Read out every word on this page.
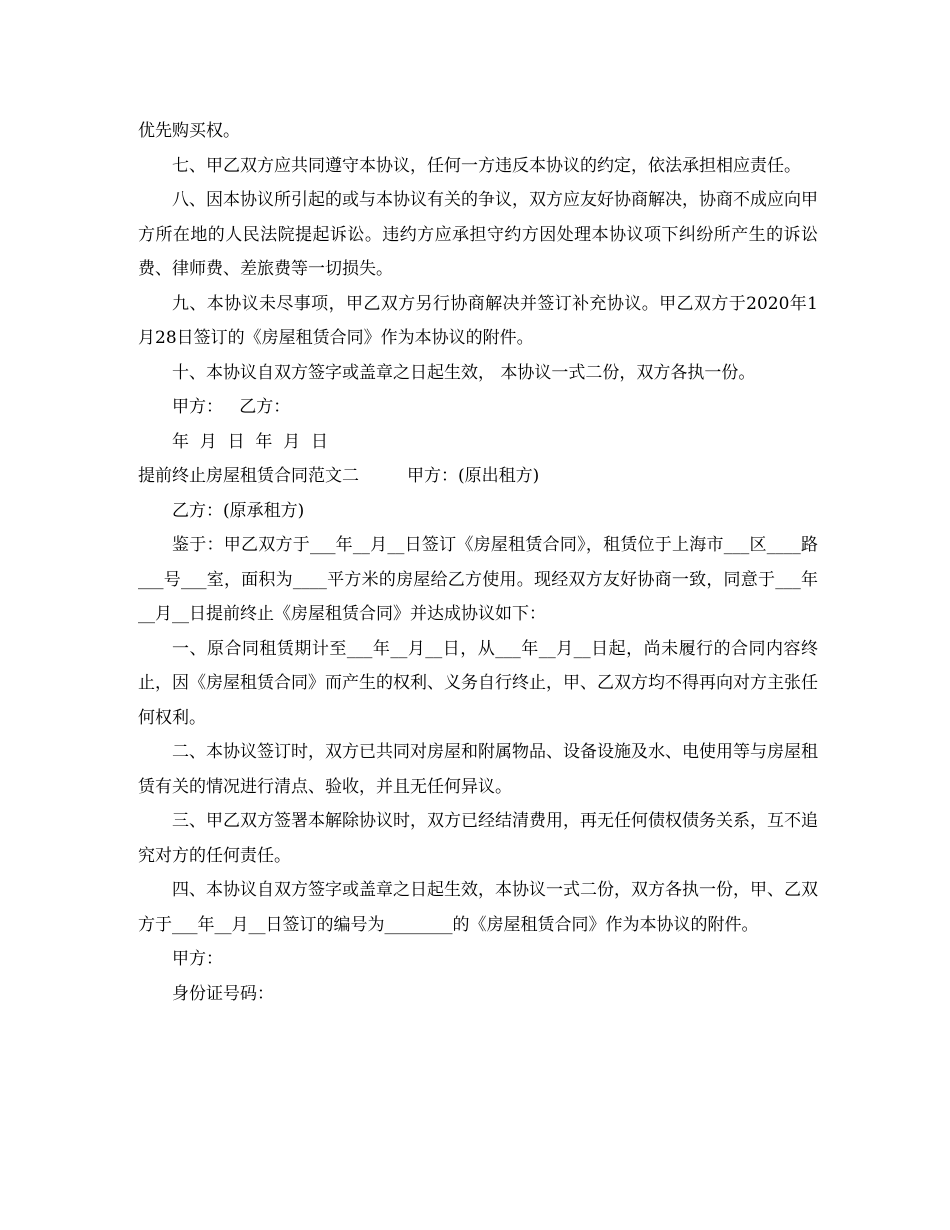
优先购买权。

七、甲乙双方应共同遵守本协议，任何一方违反本协议的约定，依法承担相应责任。

八、因本协议所引起的或与本协议有关的争议，双方应友好协商解决，协商不成应向甲方所在地的人民法院提起诉讼。违约方应承担守约方因处理本协议项下纠纷所产生的诉讼费、律师费、差旅费等一切损失。

九、本协议未尽事项，甲乙双方另行协商解决并签订补充协议。甲乙双方于2020年1月28日签订的《房屋租赁合同》作为本协议的附件。

十、本协议自双方签字或盖章之日起生效， 本协议一式二份，双方各执一份。

甲方：   乙方：

年  月  日  年  月  日

提前终止房屋租赁合同范文二	甲方：(原出租方)

乙方：(原承租方)

鉴于：甲乙双方于___年__月__日签订《房屋租赁合同》，租赁位于上海市___区____路___号___室，面积为____平方米的房屋给乙方使用。现经双方友好协商一致，同意于___年__月__日提前终止《房屋租赁合同》并达成协议如下：

一、原合同租赁期计至___年__月__日，从___年__月__日起，尚未履行的合同内容终止，因《房屋租赁合同》而产生的权利、义务自行终止，甲、乙双方均不得再向对方主张任何权利。

二、本协议签订时，双方已共同对房屋和附属物品、设备设施及水、电使用等与房屋租赁有关的情况进行清点、验收，并且无任何异议。

三、甲乙双方签署本解除协议时，双方已经结清费用，再无任何债权债务关系，互不追究对方的任何责任。

四、本协议自双方签字或盖章之日起生效，本协议一式二份，双方各执一份，甲、乙双方于___年__月__日签订的编号为________的《房屋租赁合同》作为本协议的附件。

甲方：

身份证号码：
